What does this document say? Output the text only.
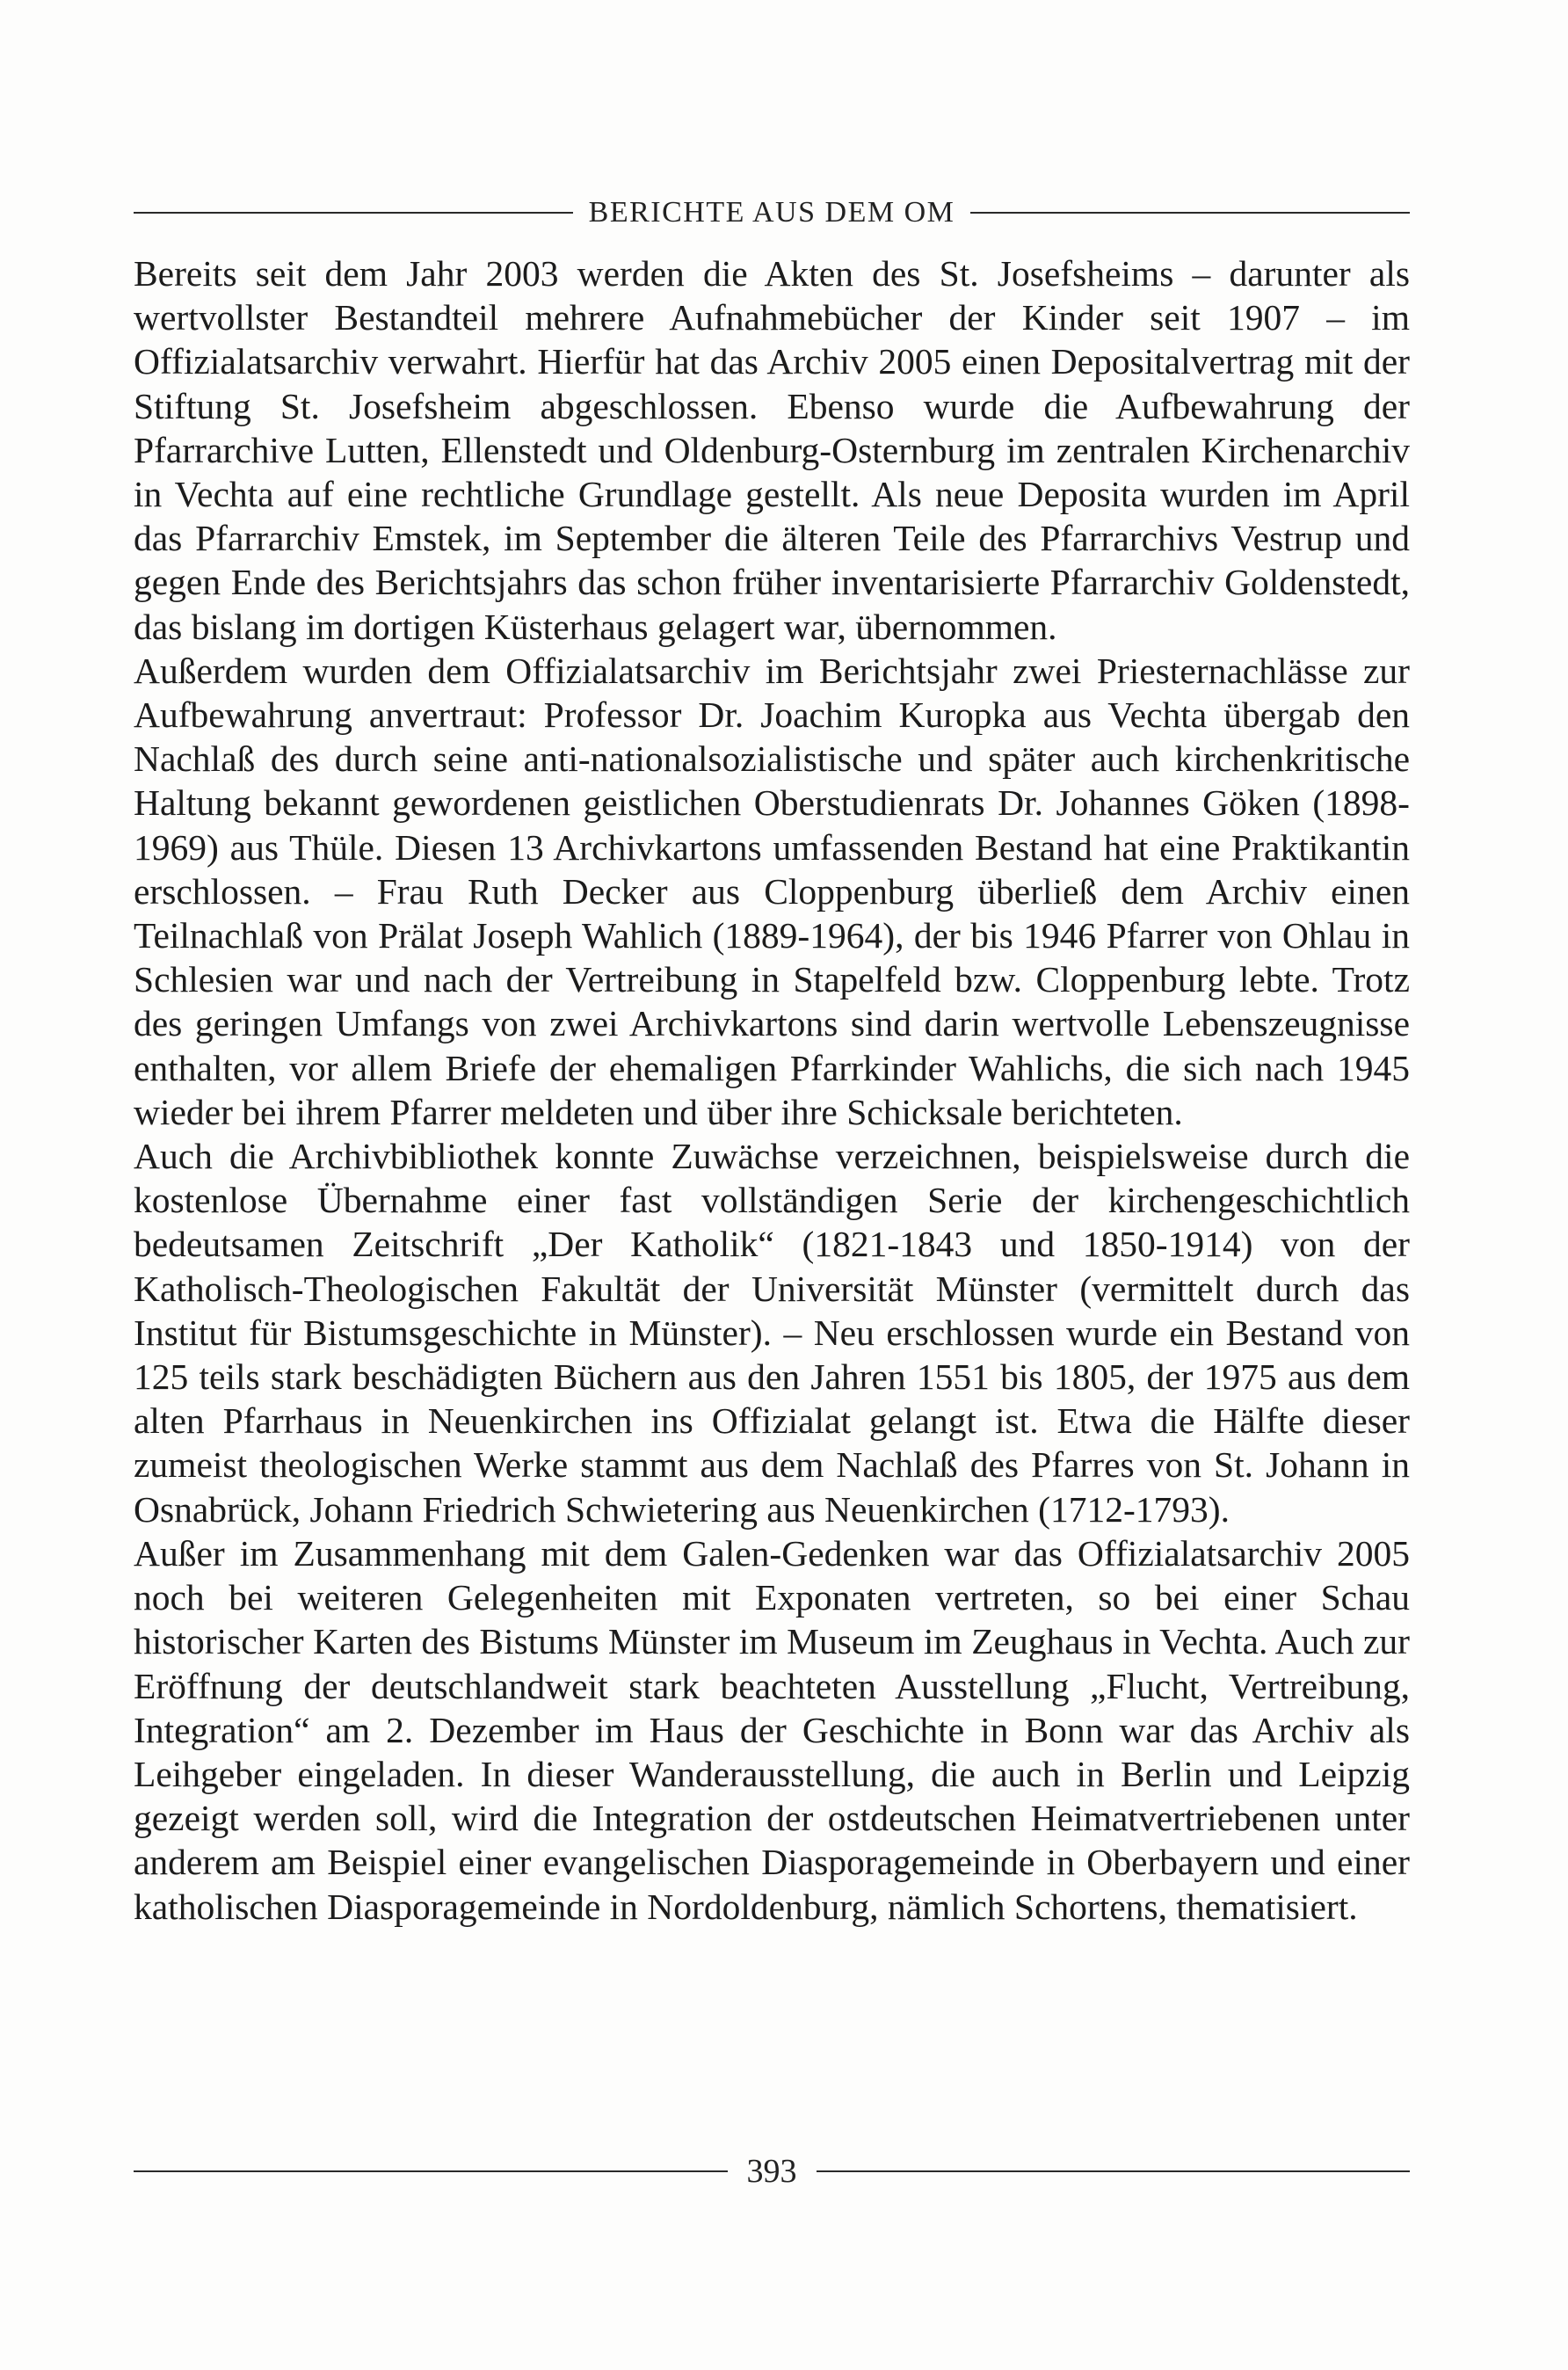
BERICHTE AUS DEM OM

Bereits seit dem Jahr 2003 werden die Akten des St. Josefsheims – darunter als wertvollster Bestandteil mehrere Aufnahmebücher der Kinder seit 1907 – im Offizialatsarchiv verwahrt. Hierfür hat das Archiv 2005 einen Depositalvertrag mit der Stiftung St. Josefsheim abgeschlossen. Ebenso wurde die Aufbewahrung der Pfarrarchive Lutten, Ellenstedt und Oldenburg-Osternburg im zentralen Kirchenarchiv in Vechta auf eine rechtliche Grundlage gestellt. Als neue Deposita wurden im April das Pfarrarchiv Emstek, im September die älteren Teile des Pfarrarchivs Vestrup und gegen Ende des Berichtsjahrs das schon früher inventarisierte Pfarrarchiv Goldenstedt, das bislang im dortigen Küsterhaus gelagert war, übernommen.

Außerdem wurden dem Offizialatsarchiv im Berichtsjahr zwei Priesternachlässe zur Aufbewahrung anvertraut: Professor Dr. Joachim Kuropka aus Vechta übergab den Nachlaß des durch seine anti-nationalsozialistische und später auch kirchenkritische Haltung bekannt gewordenen geistlichen Oberstudienrats Dr. Johannes Göken (1898-1969) aus Thüle. Diesen 13 Archivkartons umfassenden Bestand hat eine Praktikantin erschlossen. – Frau Ruth Decker aus Cloppenburg überließ dem Archiv einen Teilnachlaß von Prälat Joseph Wahlich (1889-1964), der bis 1946 Pfarrer von Ohlau in Schlesien war und nach der Vertreibung in Stapelfeld bzw. Cloppenburg lebte. Trotz des geringen Umfangs von zwei Archivkartons sind darin wertvolle Lebenszeugnisse enthalten, vor allem Briefe der ehemaligen Pfarrkinder Wahlichs, die sich nach 1945 wieder bei ihrem Pfarrer meldeten und über ihre Schicksale berichteten.

Auch die Archivbibliothek konnte Zuwächse verzeichnen, beispielsweise durch die kostenlose Übernahme einer fast vollständigen Serie der kirchengeschichtlich bedeutsamen Zeitschrift „Der Katholik“ (1821-1843 und 1850-1914) von der Katholisch-Theologischen Fakultät der Universität Münster (vermittelt durch das Institut für Bistumsgeschichte in Münster). – Neu erschlossen wurde ein Bestand von 125 teils stark beschädigten Büchern aus den Jahren 1551 bis 1805, der 1975 aus dem alten Pfarrhaus in Neuenkirchen ins Offizialat gelangt ist. Etwa die Hälfte dieser zumeist theologischen Werke stammt aus dem Nachlaß des Pfarres von St. Johann in Osnabrück, Johann Friedrich Schwietering aus Neuenkirchen (1712-1793).

Außer im Zusammenhang mit dem Galen-Gedenken war das Offizialatsarchiv 2005 noch bei weiteren Gelegenheiten mit Exponaten vertreten, so bei einer Schau historischer Karten des Bistums Münster im Museum im Zeughaus in Vechta. Auch zur Eröffnung der deutschlandweit stark beachteten Ausstellung „Flucht, Vertreibung, Integration“ am 2. Dezember im Haus der Geschichte in Bonn war das Archiv als Leihgeber eingeladen. In dieser Wanderausstellung, die auch in Berlin und Leipzig gezeigt werden soll, wird die Integration der ostdeutschen Heimatvertriebenen unter anderem am Beispiel einer evangelischen Diasporagemeinde in Oberbayern und einer katholischen Diasporagemeinde in Nordoldenburg, nämlich Schortens, thematisiert.

393
